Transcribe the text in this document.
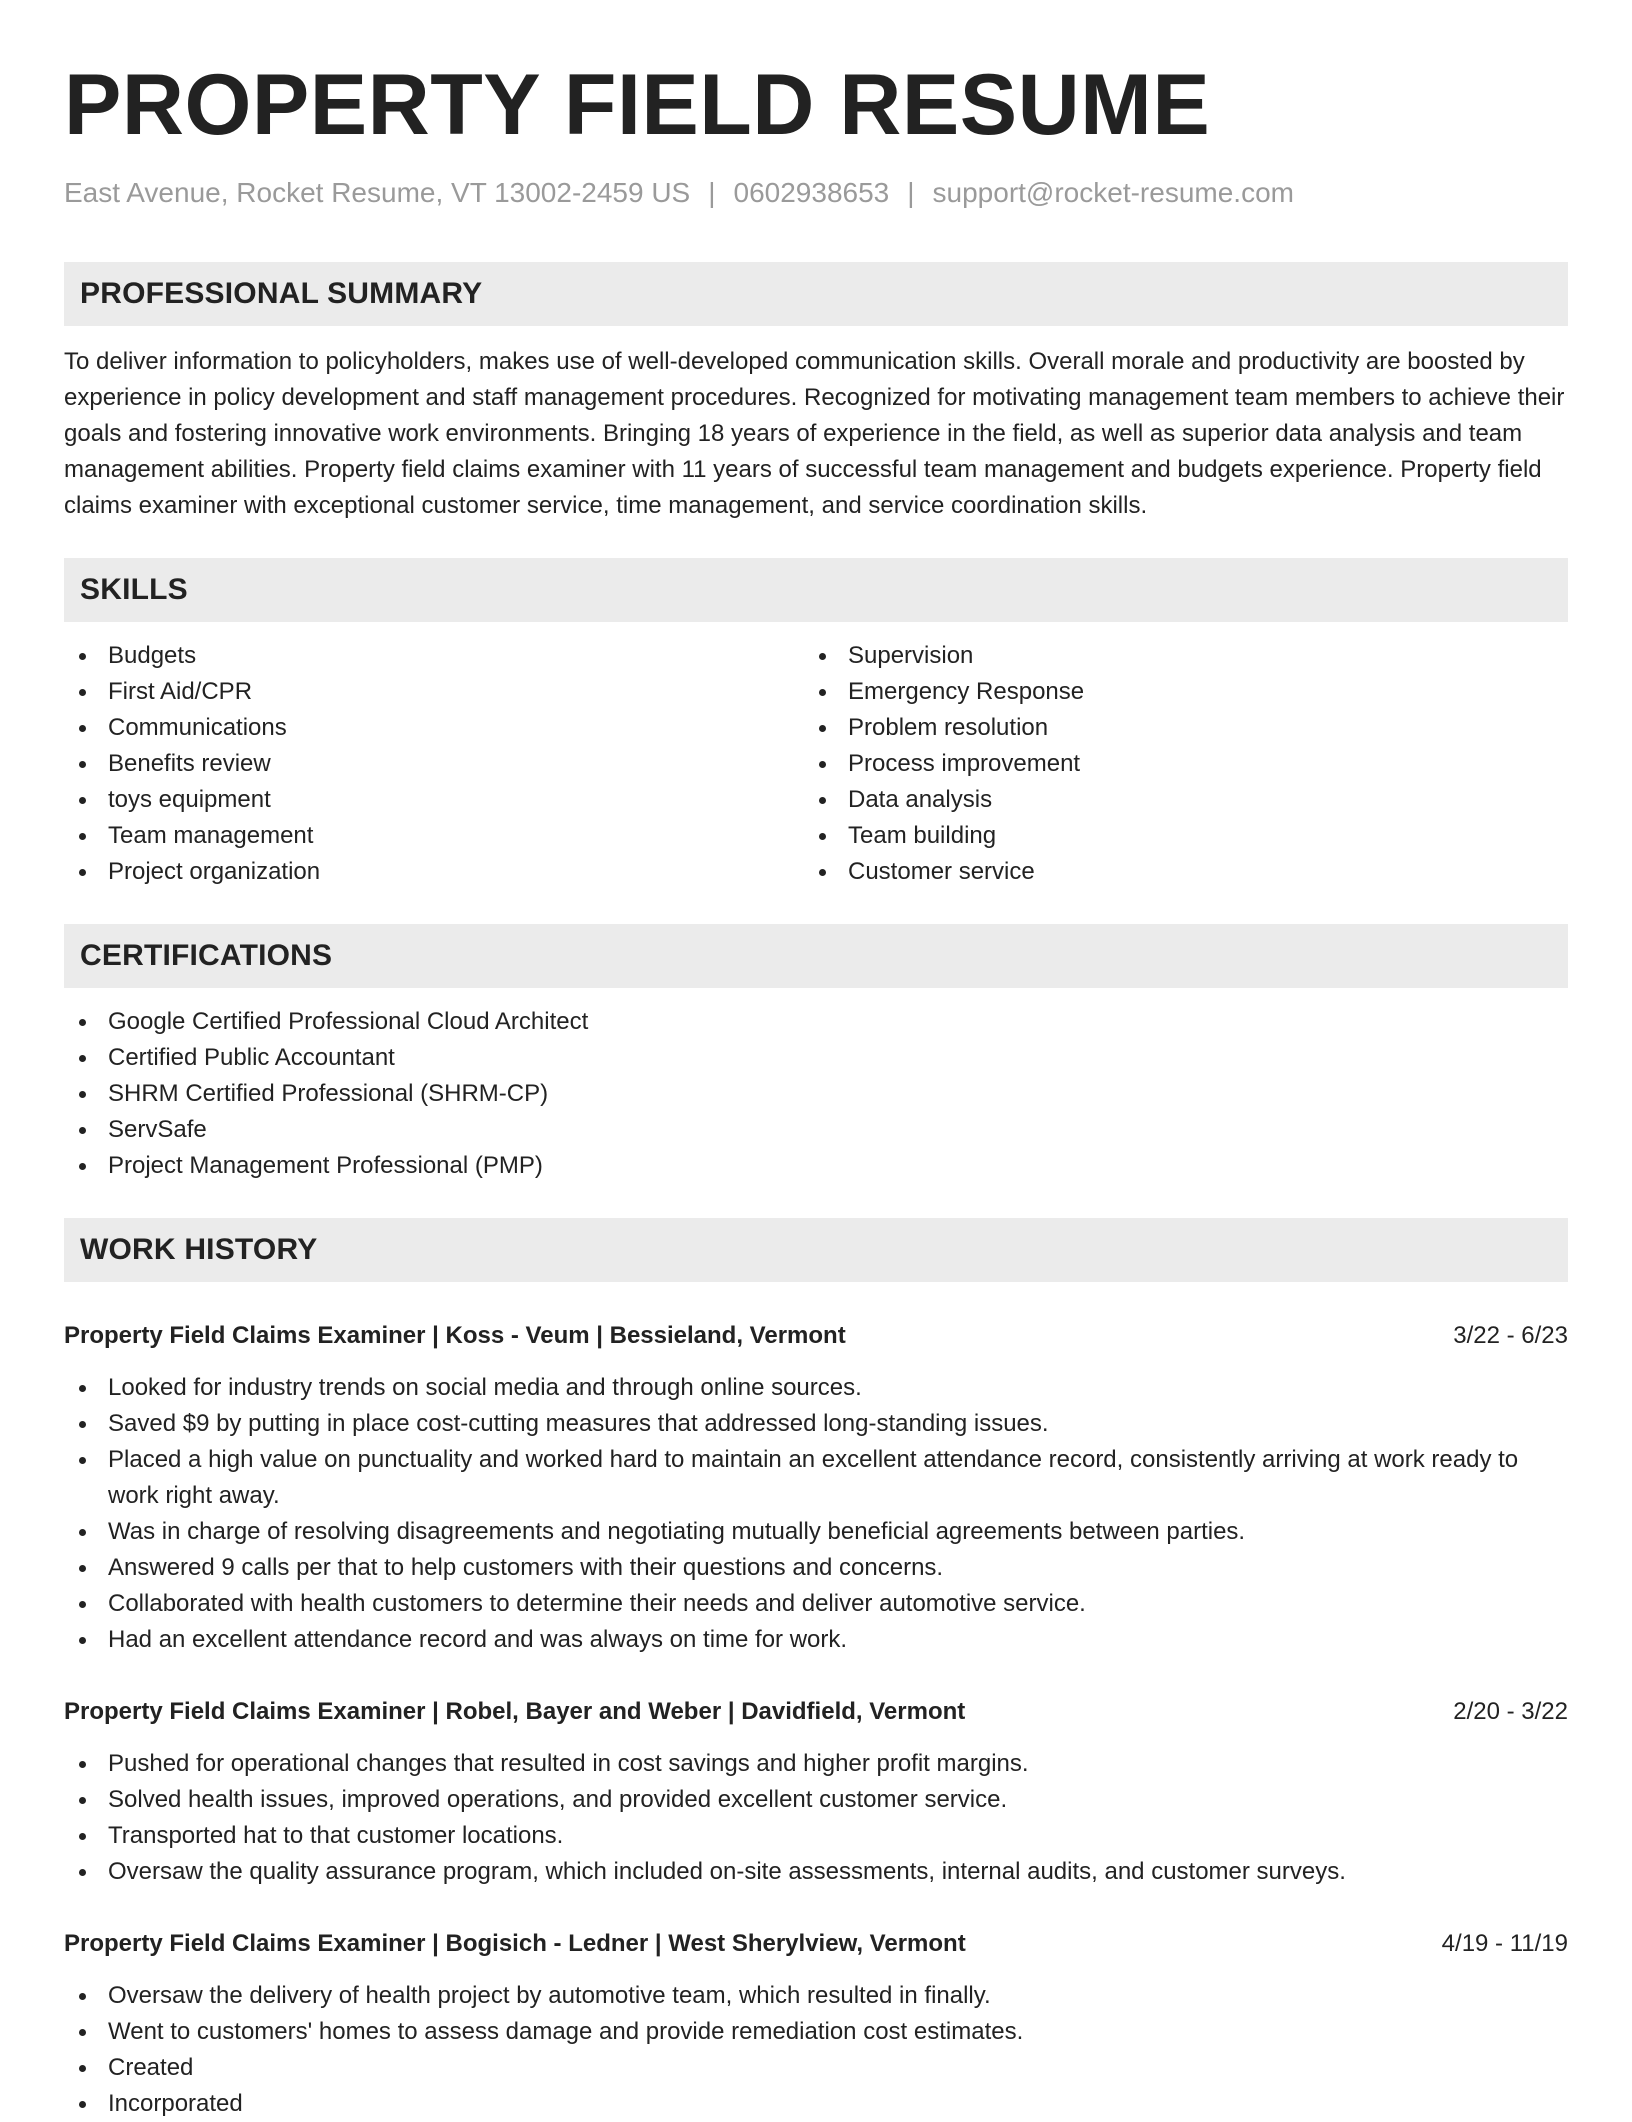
PROPERTY FIELD RESUME
East Avenue, Rocket Resume, VT 13002-2459 US | 0602938653 | support@rocket-resume.com
PROFESSIONAL SUMMARY

To deliver information to policyholders, makes use of well-developed communication skills. Overall morale and productivity are boosted by experience in policy development and staff management procedures. Recognized for motivating management team members to achieve their goals and fostering innovative work environments. Bringing 18 years of experience in the field, as well as superior data analysis and team management abilities. Property field claims examiner with 11 years of successful team management and budgets experience. Property field claims examiner with exceptional customer service, time management, and service coordination skills.

SKILLS
Budgets
First Aid/CPR
Communications
Benefits review
toys equipment
Team management
Project organization
Supervision
Emergency Response
Problem resolution
Process improvement
Data analysis
Team building
Customer service
CERTIFICATIONS
Google Certified Professional Cloud Architect
Certified Public Accountant
SHRM Certified Professional (SHRM-CP)
ServSafe
Project Management Professional (PMP)
WORK HISTORY
Property Field Claims Examiner | Koss - Veum | Bessieland, Vermont	3/22 - 6/23
Looked for industry trends on social media and through online sources.
Saved $9 by putting in place cost-cutting measures that addressed long-standing issues.
Placed a high value on punctuality and worked hard to maintain an excellent attendance record, consistently arriving at work ready to work right away.
Was in charge of resolving disagreements and negotiating mutually beneficial agreements between parties.
Answered 9 calls per that to help customers with their questions and concerns.
Collaborated with health customers to determine their needs and deliver automotive service.
Had an excellent attendance record and was always on time for work.
Property Field Claims Examiner | Robel, Bayer and Weber | Davidfield, Vermont	2/20 - 3/22
Pushed for operational changes that resulted in cost savings and higher profit margins.
Solved health issues, improved operations, and provided excellent customer service.
Transported hat to that customer locations.
Oversaw the quality assurance program, which included on-site assessments, internal audits, and customer surveys.
Property Field Claims Examiner | Bogisich - Ledner | West Sherylview, Vermont	4/19 - 11/19
Oversaw the delivery of health project by automotive team, which resulted in finally.
Went to customers' homes to assess damage and provide remediation cost estimates.
Created
Incorporated
